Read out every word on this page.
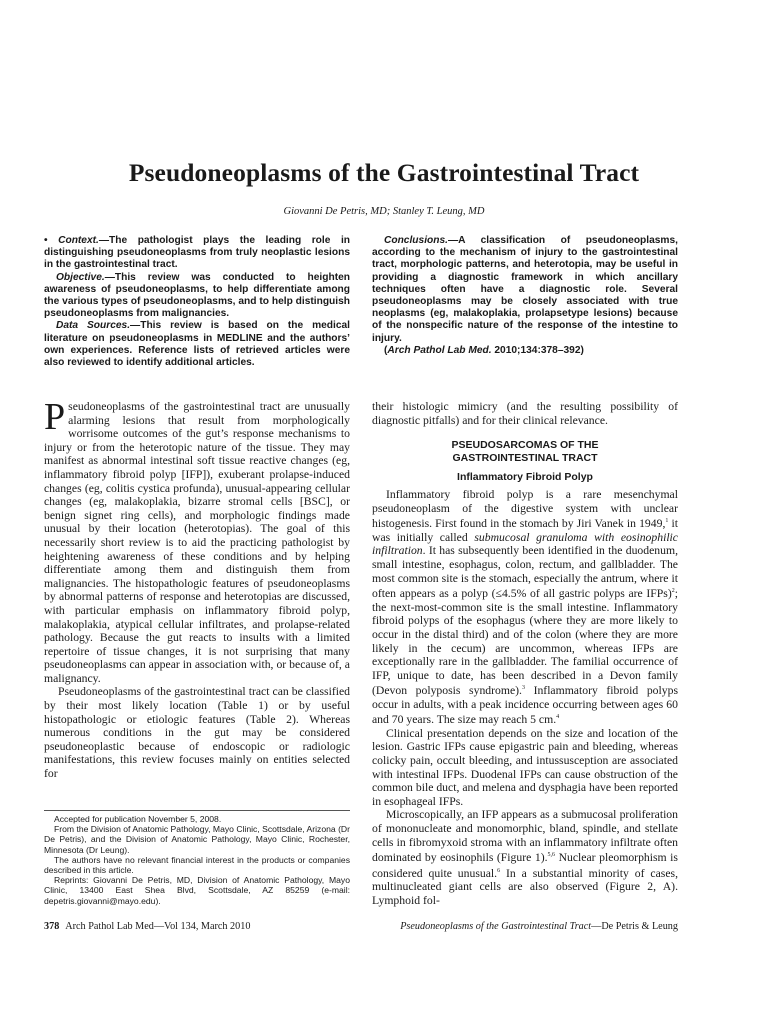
Pseudoneoplasms of the Gastrointestinal Tract
Giovanni De Petris, MD; Stanley T. Leung, MD

• Context.—The pathologist plays the leading role in distinguishing pseudoneoplasms from truly neoplastic lesions in the gastrointestinal tract.

Objective.—This review was conducted to heighten awareness of pseudoneoplasms, to help differentiate among the various types of pseudoneoplasms, and to help distinguish pseudoneoplasms from malignancies.

Data Sources.—This review is based on the medical literature on pseudoneoplasms in MEDLINE and the authors’ own experiences. Reference lists of retrieved articles were also reviewed to identify additional articles.

Conclusions.—A classification of pseudoneoplasms, according to the mechanism of injury to the gastrointestinal tract, morphologic patterns, and heterotopia, may be useful in providing a diagnostic framework in which ancillary techniques often have a diagnostic role. Several pseudoneoplasms may be closely associated with true neoplasms (eg, malakoplakia, prolapsetype lesions) because of the nonspecific nature of the response of the intestine to injury.

(Arch Pathol Lab Med. 2010;134:378–392)

Pseudoneoplasms of the gastrointestinal tract are unusually alarming lesions that result from morphologically worrisome outcomes of the gut’s response mechanisms to injury or from the heterotopic nature of the tissue. They may manifest as abnormal intestinal soft tissue reactive changes (eg, inflammatory fibroid polyp [IFP]), exuberant prolapse-induced changes (eg, colitis cystica profunda), unusual-appearing cellular changes (eg, malakoplakia, bizarre stromal cells [BSC], or benign signet ring cells), and morphologic findings made unusual by their location (heterotopias). The goal of this necessarily short review is to aid the practicing pathologist by heightening awareness of these conditions and by helping differentiate among them and distinguish them from malignancies. The histopathologic features of pseudoneoplasms by abnormal patterns of response and heterotopias are discussed, with particular emphasis on inflammatory fibroid polyp, malakoplakia, atypical cellular infiltrates, and prolapse-related pathology. Because the gut reacts to insults with a limited repertoire of tissue changes, it is not surprising that many pseudoneoplasms can appear in association with, or because of, a malignancy.

Pseudoneoplasms of the gastrointestinal tract can be classified by their most likely location (Table 1) or by useful histopathologic or etiologic features (Table 2). Whereas numerous conditions in the gut may be considered pseudoneoplastic because of endoscopic or radiologic manifestations, this review focuses mainly on entities selected for

their histologic mimicry (and the resulting possibility of diagnostic pitfalls) and for their clinical relevance.

PSEUDOSARCOMAS OF THE
GASTROINTESTINAL TRACT
Inflammatory Fibroid Polyp

Inflammatory fibroid polyp is a rare mesenchymal pseudoneoplasm of the digestive system with unclear histogenesis. First found in the stomach by Jiri Vanek in 1949,$^1$ it was initially called submucosal granuloma with eosinophilic infiltration. It has subsequently been identified in the duodenum, small intestine, esophagus, colon, rectum, and gallbladder. The most common site is the stomach, especially the antrum, where it often appears as a polyp (≤4.5% of all gastric polyps are IFPs)$^2$; the next-most-common site is the small intestine. Inflammatory fibroid polyps of the esophagus (where they are more likely to occur in the distal third) and of the colon (where they are more likely in the cecum) are uncommon, whereas IFPs are exceptionally rare in the gallbladder. The familial occurrence of IFP, unique to date, has been described in a Devon family (Devon polyposis syndrome).$^3$ Inflammatory fibroid polyps occur in adults, with a peak incidence occurring between ages 60 and 70 years. The size may reach 5 cm.$^4$

Clinical presentation depends on the size and location of the lesion. Gastric IFPs cause epigastric pain and bleeding, whereas colicky pain, occult bleeding, and intussusception are associated with intestinal IFPs. Duodenal IFPs can cause obstruction of the common bile duct, and melena and dysphagia have been reported in esophageal IFPs.

Microscopically, an IFP appears as a submucosal proliferation of mononucleate and monomorphic, bland, spindle, and stellate cells in fibromyxoid stroma with an inflammatory infiltrate often dominated by eosinophils (Figure 1).$^{5,6}$ Nuclear pleomorphism is considered quite unusual.$^6$ In a substantial minority of cases, multinucleated giant cells are also observed (Figure 2, A). Lymphoid fol-

Accepted for publication November 5, 2008.

From the Division of Anatomic Pathology, Mayo Clinic, Scottsdale, Arizona (Dr De Petris), and the Division of Anatomic Pathology, Mayo Clinic, Rochester, Minnesota (Dr Leung).

The authors have no relevant financial interest in the products or companies described in this article.

Reprints: Giovanni De Petris, MD, Division of Anatomic Pathology, Mayo Clinic, 13400 East Shea Blvd, Scottsdale, AZ 85259 (e-mail: depetris.giovanni@mayo.edu).

378 Arch Pathol Lab Med—Vol 134, March 2010	Pseudoneoplasms of the Gastrointestinal Tract—De Petris & Leung
